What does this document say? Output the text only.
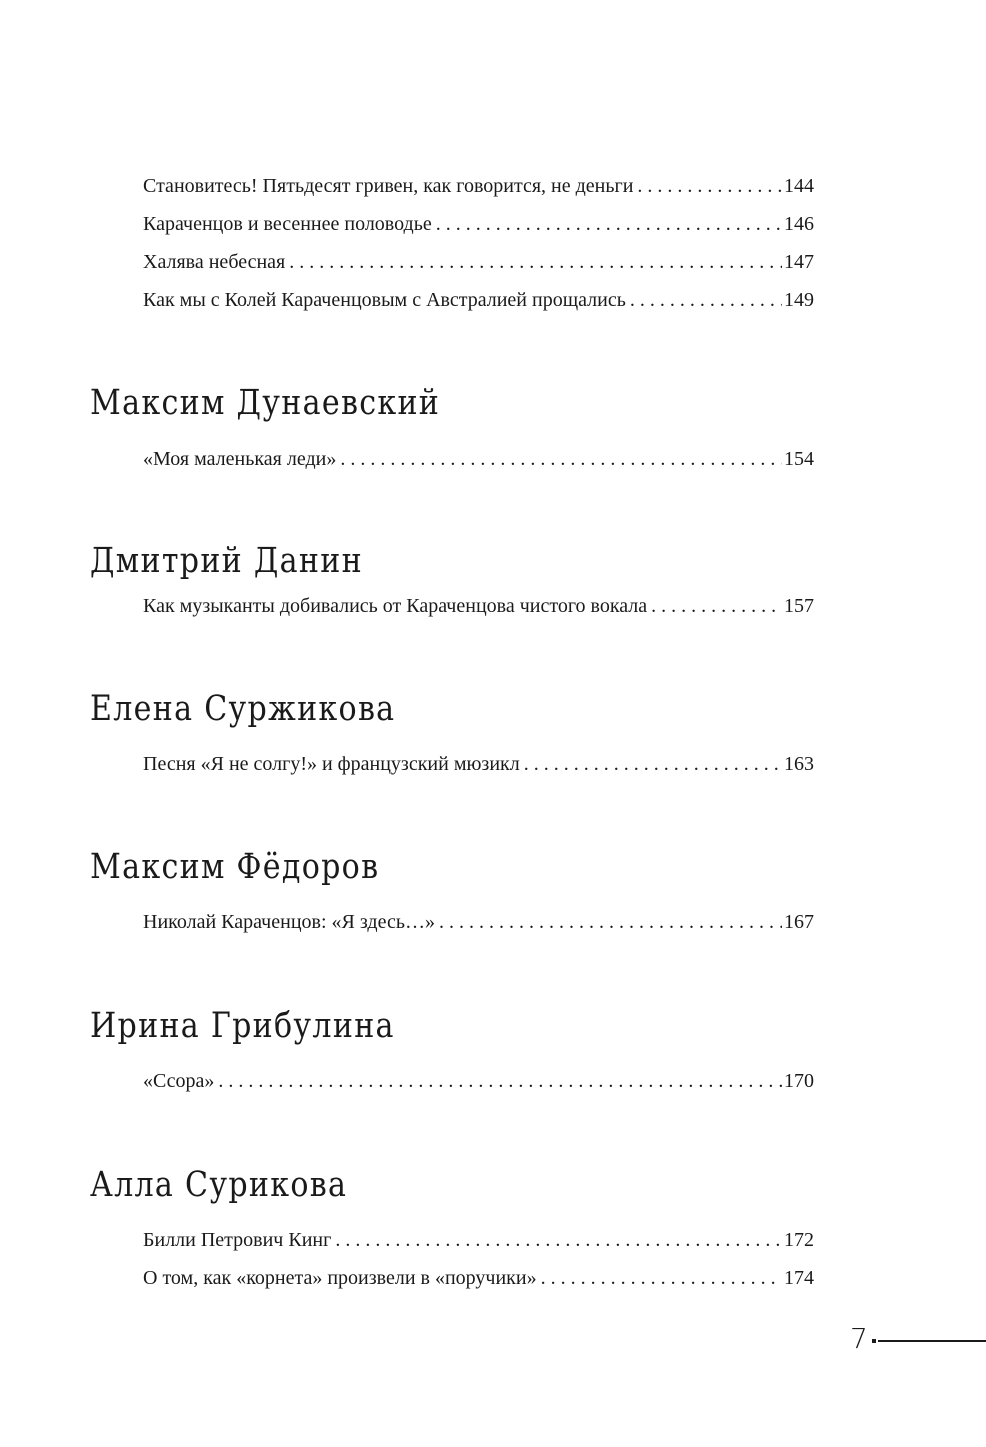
Становитесь! Пятьдесят гривен, как говорится, не деньги . . .	144
Караченцов и весеннее половодье . . .	146
Халява небесная . . .	147
Как мы с Колей Караченцовым с Австралией прощались . . .	149
Максим Дунаевский
«Моя маленькая леди» . . .	154
Дмитрий Данин
Как музыканты добивались от Караченцова чистого вокала . . .	157
Елена Суржикова
Песня «Я не солгу!» и французский мюзикл . . .	163
Максим Фёдоров
Николай Караченцов: «Я здесь…» . . .	167
Ирина Грибулина
«Ссора» . . .	170
Алла Сурикова
Билли Петрович Кинг . . .	172
О том, как «корнета» произвели в «поручики» . . .	174
7
